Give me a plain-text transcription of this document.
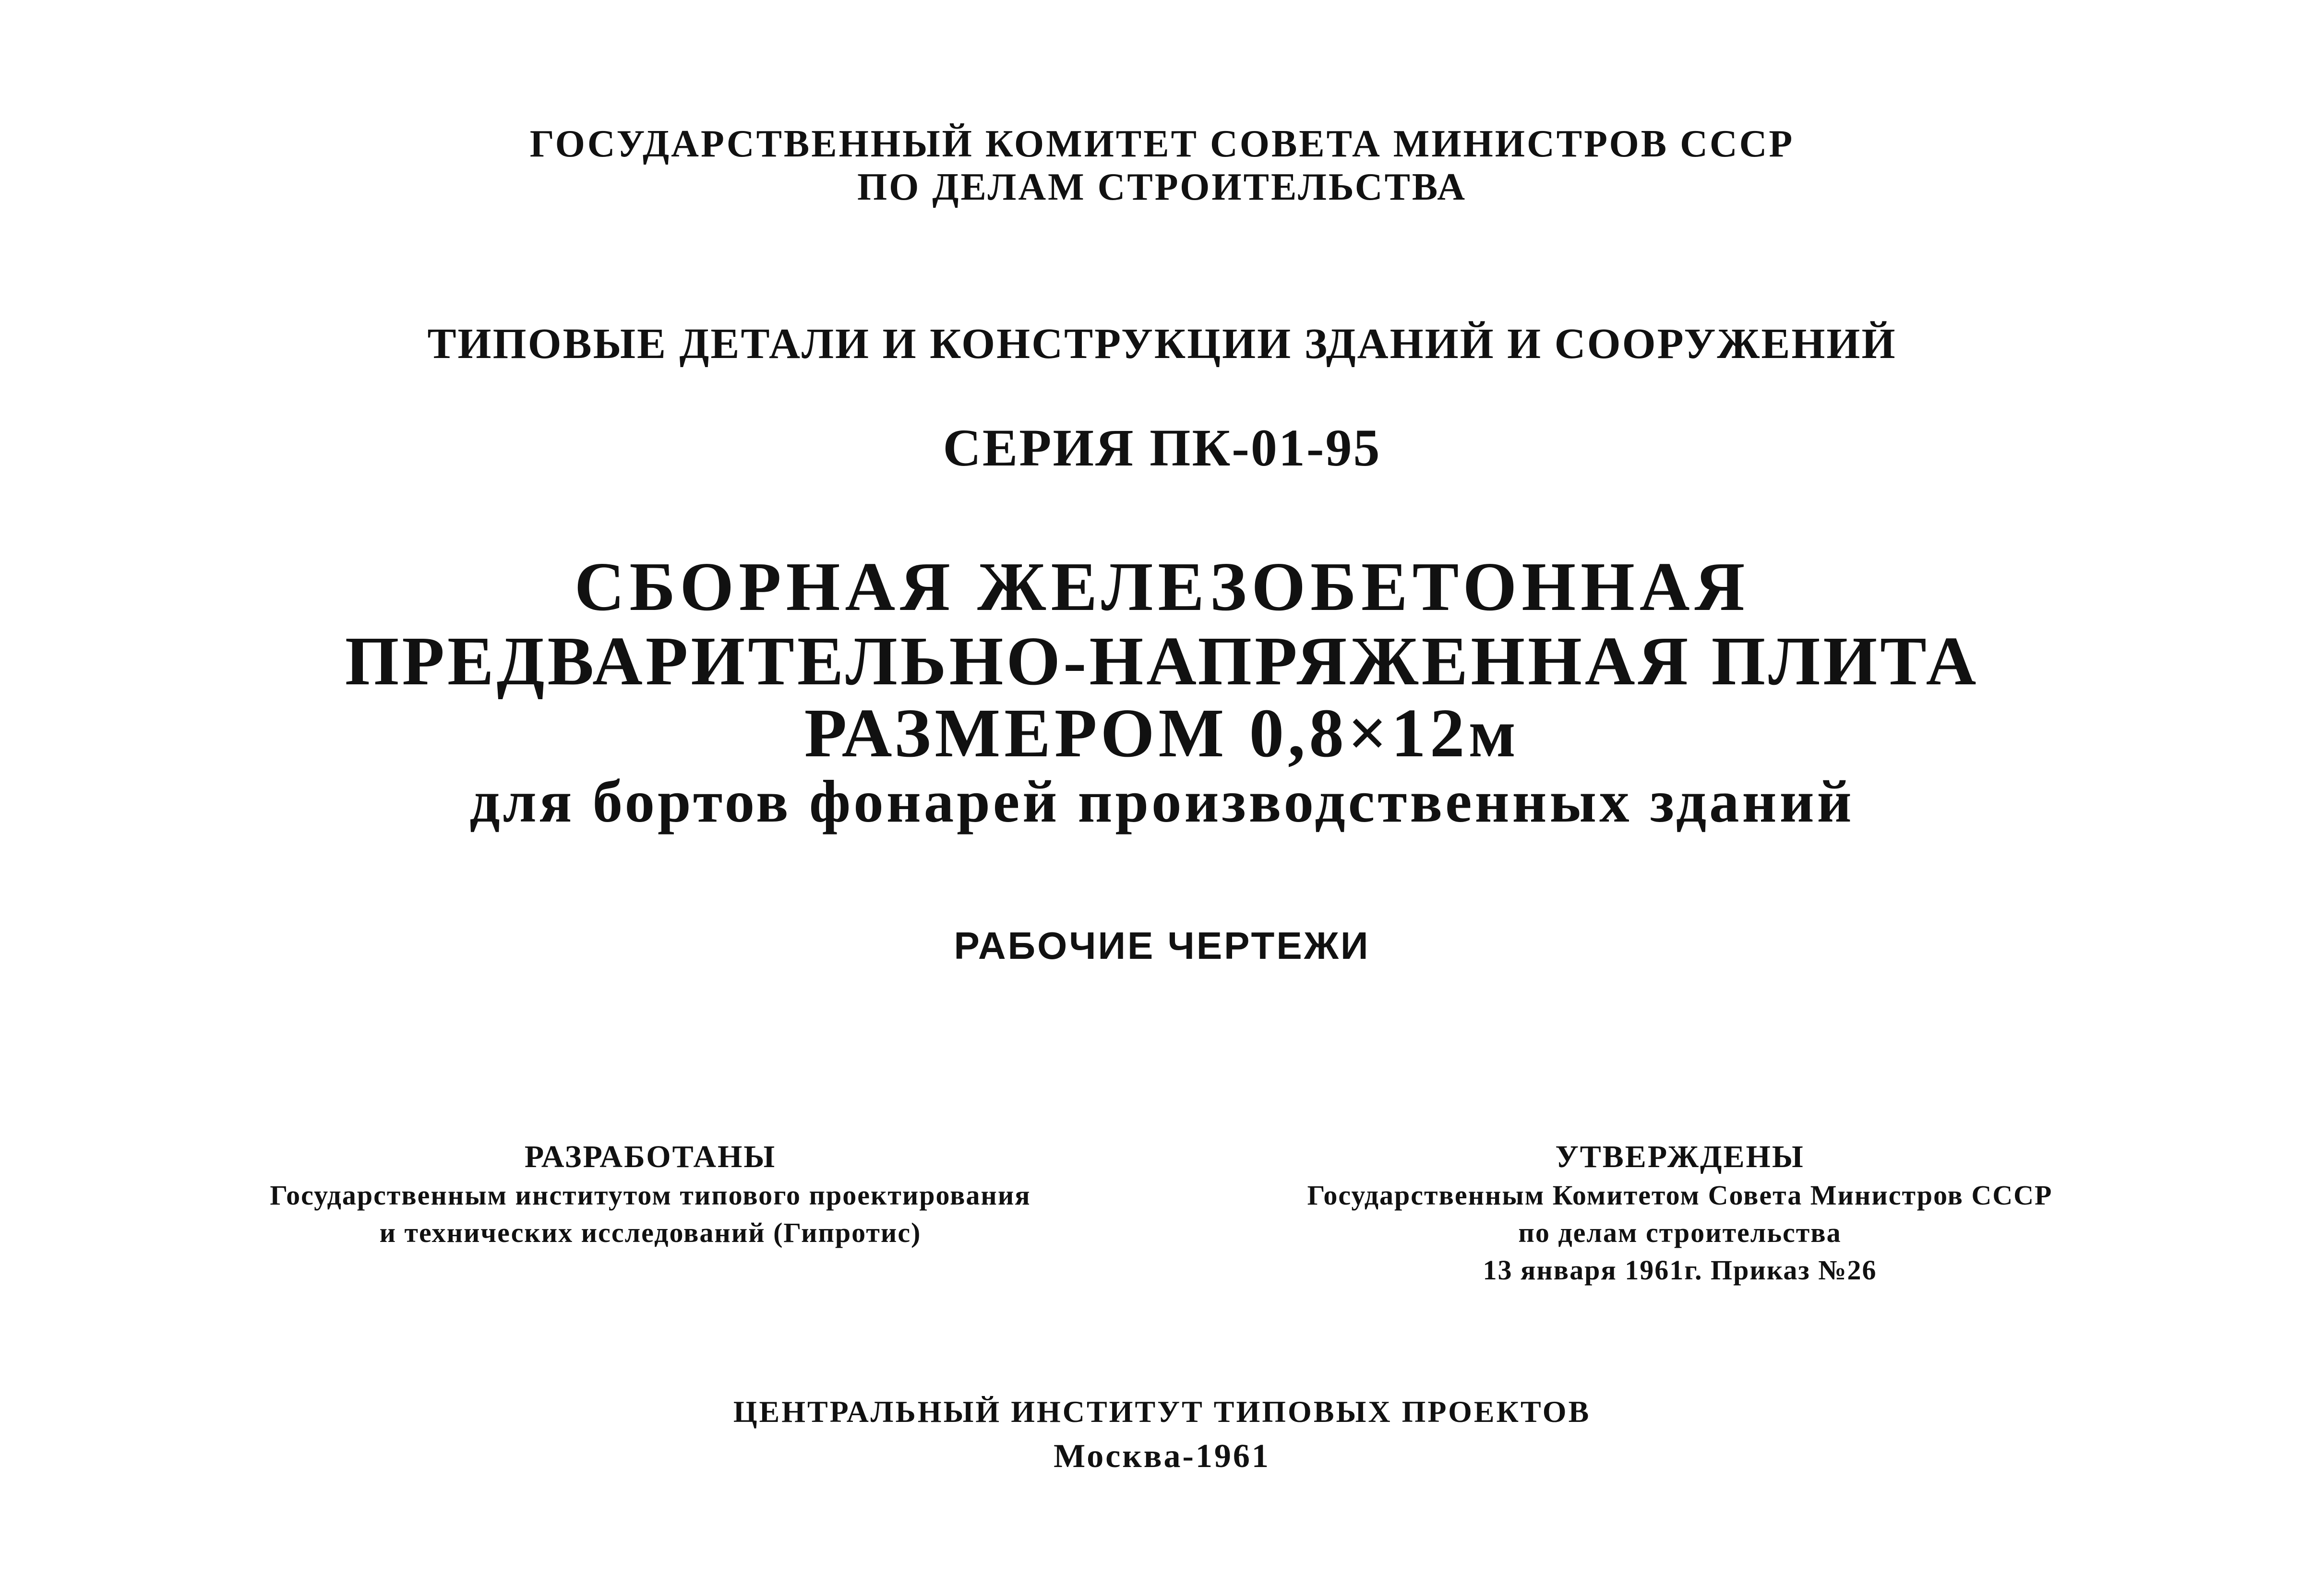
ГОСУДАРСТВЕННЫЙ КОМИТЕТ СОВЕТА МИНИСТРОВ СССР
ПО ДЕЛАМ СТРОИТЕЛЬСТВА
ТИПОВЫЕ ДЕТАЛИ И КОНСТРУКЦИИ ЗДАНИЙ И СООРУЖЕНИЙ
СЕРИЯ ПК-01-95
СБОРНАЯ ЖЕЛЕЗОБЕТОННАЯ
ПРЕДВАРИТЕЛЬНО-НАПРЯЖЕННАЯ ПЛИТА
РАЗМЕРОМ 0,8×12м
для бортов фонарей производственных зданий
РАБОЧИЕ ЧЕРТЕЖИ
РАЗРАБОТАНЫ
Государственным институтом типового проектирования
и технических исследований (Гипротис)
УТВЕРЖДЕНЫ
Государственным Комитетом Совета Министров СССР
по делам строительства
13 января 1961г. Приказ №26
ЦЕНТРАЛЬНЫЙ ИНСТИТУТ ТИПОВЫХ ПРОЕКТОВ
Москва-1961
